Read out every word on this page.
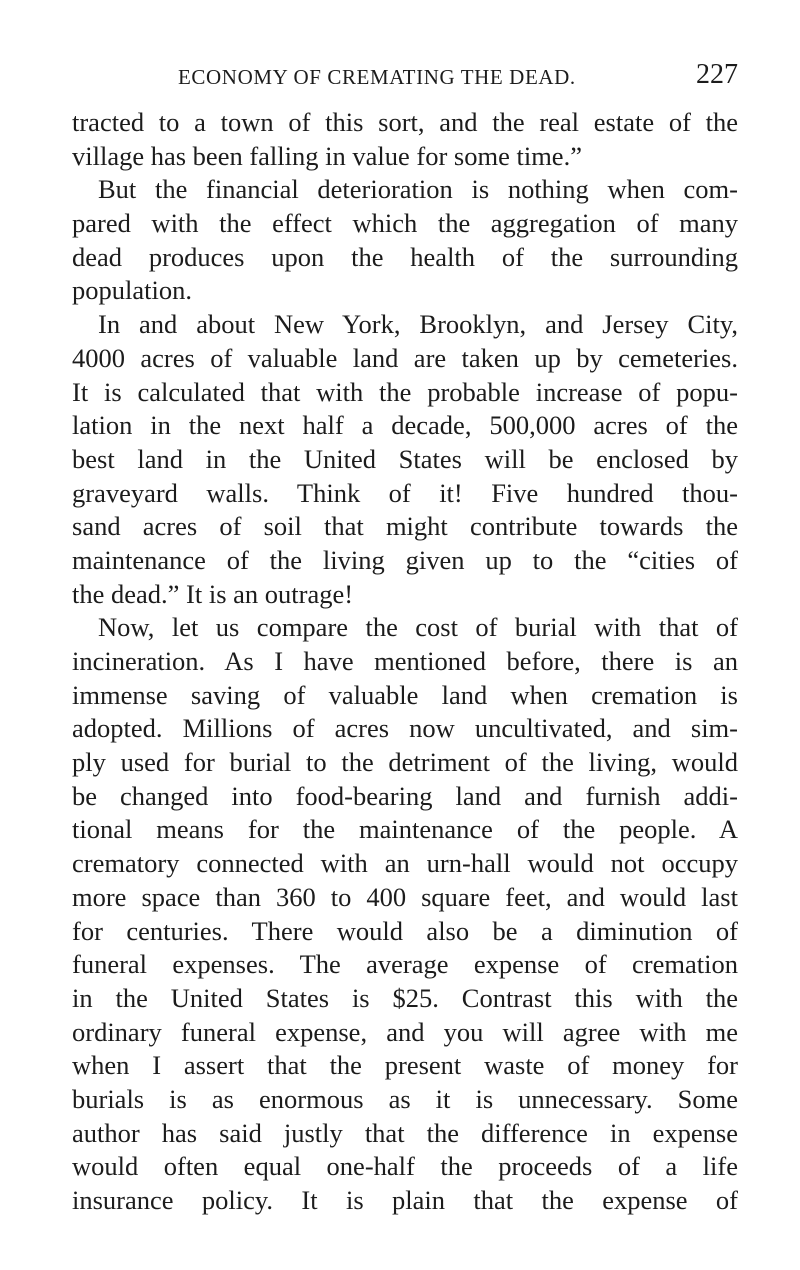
ECONOMY OF CREMATING THE DEAD.	227
tracted to a town of this sort, and the real estate of the
village has been falling in value for some time.”
But the financial deterioration is nothing when com-
pared with the effect which the aggregation of many
dead produces upon the health of the surrounding
population.
In and about New York, Brooklyn, and Jersey City,
4000 acres of valuable land are taken up by cemeteries.
It is calculated that with the probable increase of popu-
lation in the next half a decade, 500,000 acres of the
best land in the United States will be enclosed by
graveyard walls. Think of it! Five hundred thou-
sand acres of soil that might contribute towards the
maintenance of the living given up to the “cities of
the dead.” It is an outrage!
Now, let us compare the cost of burial with that of
incineration. As I have mentioned before, there is an
immense saving of valuable land when cremation is
adopted. Millions of acres now uncultivated, and sim-
ply used for burial to the detriment of the living, would
be changed into food-bearing land and furnish addi-
tional means for the maintenance of the people. A
crematory connected with an urn-hall would not occupy
more space than 360 to 400 square feet, and would last
for centuries. There would also be a diminution of
funeral expenses. The average expense of cremation
in the United States is $25. Contrast this with the
ordinary funeral expense, and you will agree with me
when I assert that the present waste of money for
burials is as enormous as it is unnecessary. Some
author has said justly that the difference in expense
would often equal one-half the proceeds of a life
insurance policy. It is plain that the expense of
